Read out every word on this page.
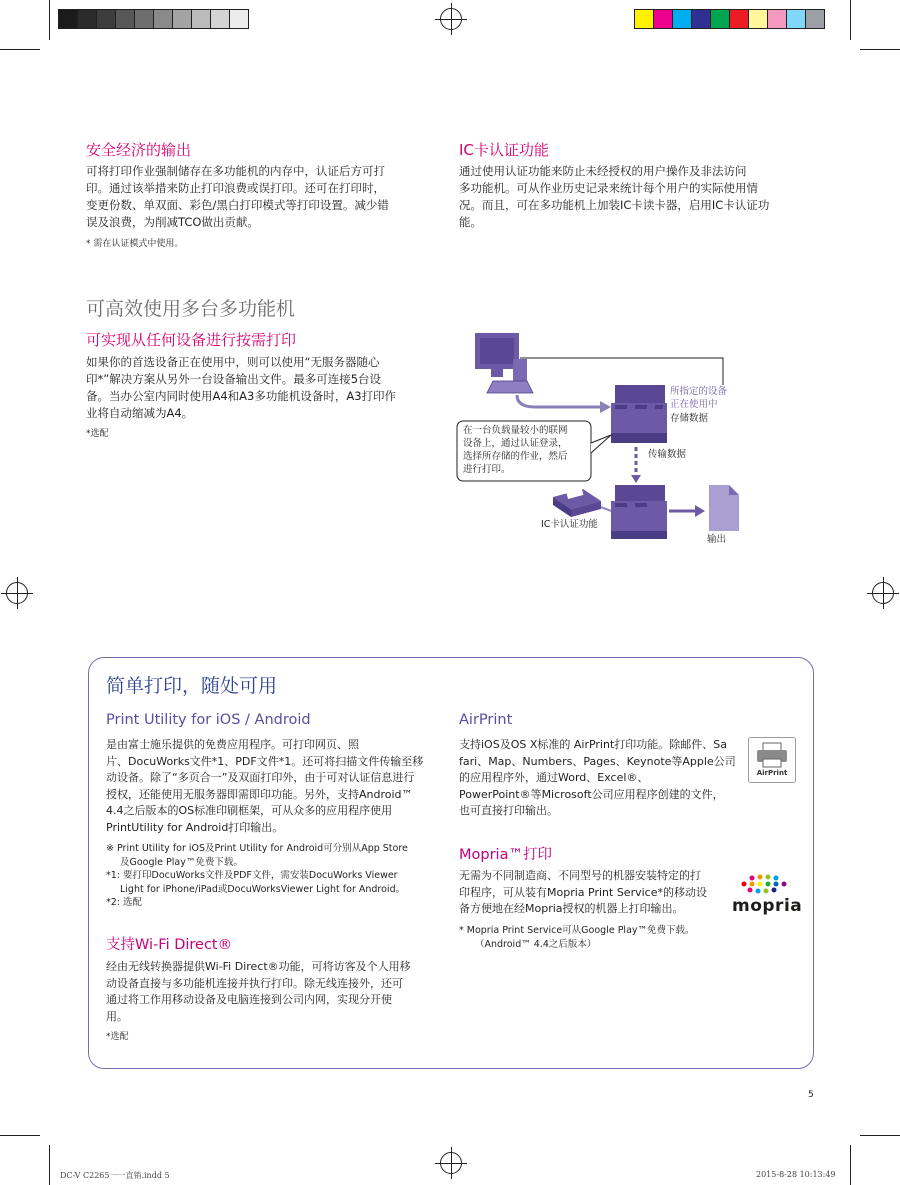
安全经济的输出
可将打印作业强制储存在多功能机的内存中，认证后方可打
印。通过该举措来防止打印浪费或误打印。还可在打印时，
变更份数、单双面、彩色/黑白打印模式等打印设置。减少错
误及浪费，为削减TCO做出贡献。
* 需在认证模式中使用。
IC卡认证功能
通过使用认证功能来防止未经授权的用户操作及非法访问
多功能机。可从作业历史记录来统计每个用户的实际使用情
况。而且，可在多功能机上加装IC卡读卡器，启用IC卡认证功
能。
可高效使用多台多功能机
可实现从任何设备进行按需打印
如果你的首选设备正在使用中，则可以使用“无服务器随心
印*”解决方案从另外一台设备输出文件。最多可连接5台设
备。当办公室内同时使用A4和A3多功能机设备时，A3打印作
业将自动缩减为A4。
*选配
所指定的设备
正在使用中
存储数据
在一台负载量较小的联网
设备上，通过认证登录，
选择所存储的作业，然后
进行打印。
传输数据
IC卡认证功能
输出
简单打印，随处可用
Print Utility for iOS / Android
是由富士施乐提供的免费应用程序。可打印网页、照
片、DocuWorks文件*1、PDF文件*1。还可将扫描文件传输至移
动设备。除了“多页合一”及双面打印外，由于可对认证信息进行
授权，还能使用无服务器即需即印功能。另外，支持Android™
4.4之后版本的OS标准印刷框架，可从众多的应用程序使用
PrintUtility for Android打印输出。
※ Print Utility for iOS及Print Utility for Android可分别从App Store
及Google Play™免费下载。
*1: 要打印DocuWorks文件及PDF文件，需安装DocuWorks Viewer
Light for iPhone/iPad或DocuWorksViewer Light for Android。
*2: 选配
支持Wi-Fi Direct®
经由无线转换器提供Wi-Fi Direct®功能，可将访客及个人用移
动设备直接与多功能机连接并执行打印。除无线连接外，还可
通过将工作用移动设备及电脑连接到公司内网，实现分开使
用。
*选配
AirPrint
支持iOS及OS X标准的 AirPrint打印功能。除邮件、Sa
fari、Map、Numbers、Pages、Keynote等Apple公司
的应用程序外，通过Word、Excel®、
PowerPoint®等Microsoft公司应用程序创建的文件，
也可直接打印输出。
AirPrint
Mopria™打印
无需为不同制造商、不同型号的机器安装特定的打
印程序，可从装有Mopria Print Service*的移动设
备方便地在经Mopria授权的机器上打印输出。
* Mopria Print Service可从Google Play™免费下载。
（Android™ 4.4之后版本）
mopria
5
DC-V C2265一一直销.indd 5	2015-8-28 10:13:49
